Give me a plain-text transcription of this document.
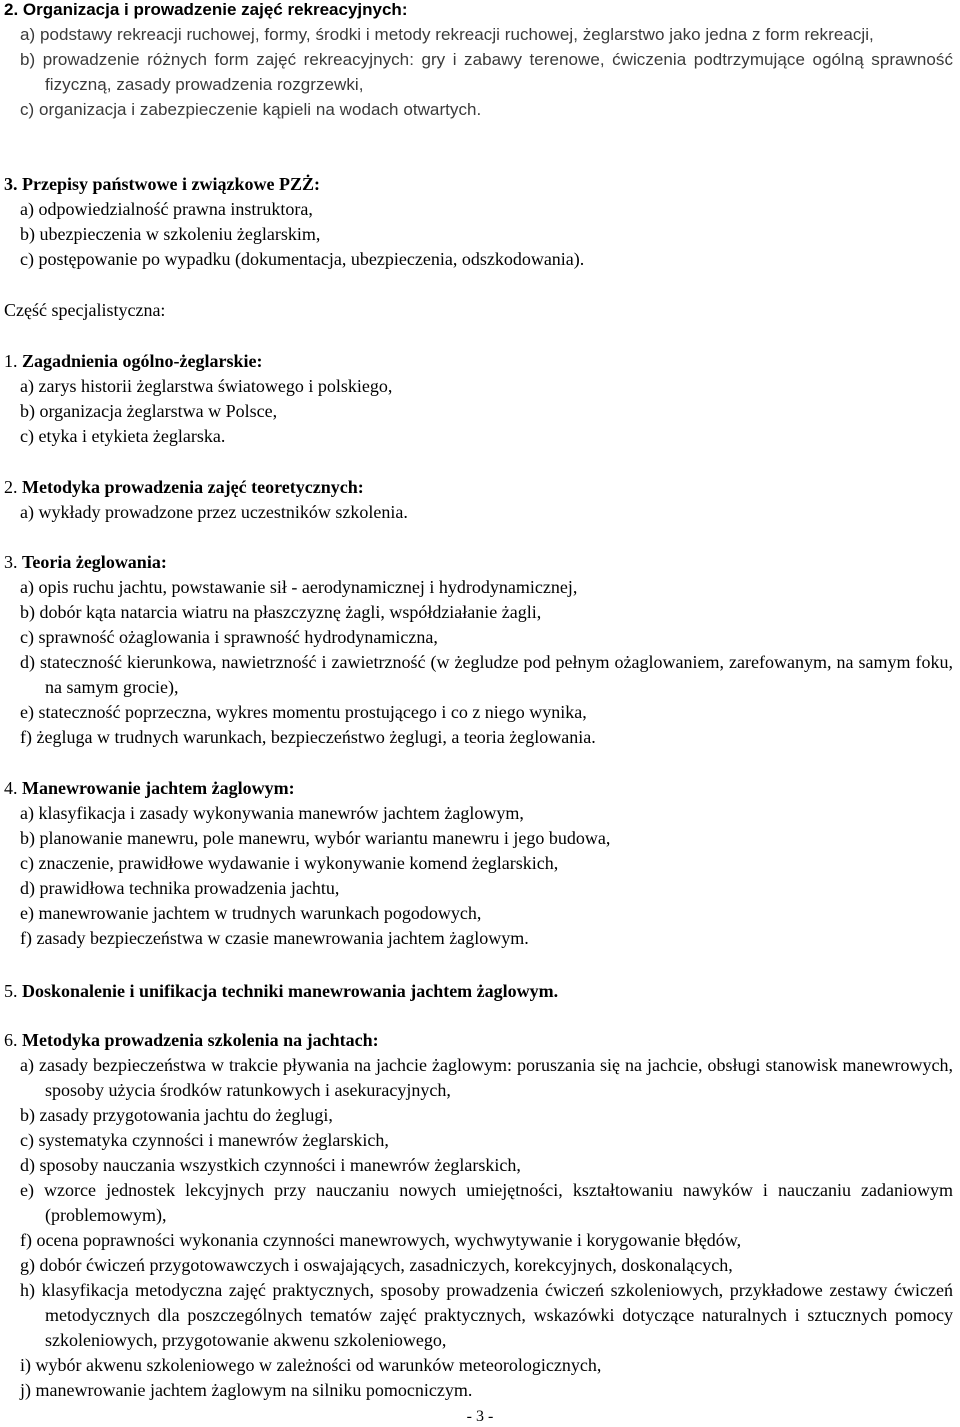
2. Organizacja i prowadzenie zajęć rekreacyjnych:

a) podstawy rekreacji ruchowej, formy, środki i metody rekreacji ruchowej, żeglarstwo jako jedna z form rekreacji,
b) prowadzenie różnych form zajęć rekreacyjnych: gry i zabawy terenowe, ćwiczenia podtrzymujące ogólną sprawność fizyczną, zasady prowadzenia rozgrzewki,
c) organizacja i zabezpieczenie kąpieli na wodach otwartych.

3. Przepisy państwowe i związkowe PZŻ:

a) odpowiedzialność prawna instruktora,
b) ubezpieczenia w szkoleniu żeglarskim,
c) postępowanie po wypadku (dokumentacja, ubezpieczenia, odszkodowania).

Część specjalistyczna:

1. Zagadnienia ogólno-żeglarskie:

a) zarys historii żeglarstwa światowego i polskiego,
b) organizacja żeglarstwa w Polsce,
c) etyka i etykieta żeglarska.

2. Metodyka prowadzenia zajęć teoretycznych:

a) wykłady prowadzone przez uczestników szkolenia.

3. Teoria żeglowania:

a) opis ruchu jachtu, powstawanie sił - aerodynamicznej i hydrodynamicznej,
b) dobór kąta natarcia wiatru na płaszczyznę żagli, współdziałanie żagli,
c) sprawność ożaglowania i sprawność hydrodynamiczna,
d) stateczność kierunkowa, nawietrzność i zawietrzność (w żegludze pod pełnym ożaglowaniem, zarefowanym, na samym foku, na samym grocie),
e) stateczność poprzeczna, wykres momentu prostującego i co z niego wynika,
f) żegluga w trudnych warunkach, bezpieczeństwo żeglugi, a teoria żeglowania.

4. Manewrowanie jachtem żaglowym:

a) klasyfikacja i zasady wykonywania manewrów jachtem żaglowym,
b) planowanie manewru, pole manewru, wybór wariantu manewru i jego budowa,
c) znaczenie, prawidłowe wydawanie i wykonywanie komend żeglarskich,
d) prawidłowa technika prowadzenia jachtu,
e) manewrowanie jachtem w trudnych warunkach pogodowych,
f) zasady bezpieczeństwa w czasie manewrowania jachtem żaglowym.

5. Doskonalenie i unifikacja techniki manewrowania jachtem żaglowym.

6. Metodyka prowadzenia szkolenia na jachtach:

a) zasady bezpieczeństwa w trakcie pływania na jachcie żaglowym: poruszania się na jachcie, obsługi stanowisk manewrowych, sposoby użycia środków ratunkowych i asekuracyjnych,
b) zasady przygotowania jachtu do żeglugi,
c) systematyka czynności i manewrów żeglarskich,
d) sposoby nauczania wszystkich czynności i manewrów żeglarskich,
e) wzorce jednostek lekcyjnych przy nauczaniu nowych umiejętności, kształtowaniu nawyków i nauczaniu zadaniowym (problemowym),
f) ocena poprawności wykonania czynności manewrowych, wychwytywanie i korygowanie błędów,
g) dobór ćwiczeń przygotowawczych i oswajających, zasadniczych, korekcyjnych, doskonalących,
h) klasyfikacja metodyczna zajęć praktycznych, sposoby prowadzenia ćwiczeń szkoleniowych, przykładowe zestawy ćwiczeń metodycznych dla poszczególnych tematów zajęć praktycznych, wskazówki dotyczące naturalnych i sztucznych pomocy szkoleniowych, przygotowanie akwenu szkoleniowego,
i) wybór akwenu szkoleniowego w zależności od warunków meteorologicznych,
j) manewrowanie jachtem żaglowym na silniku pomocniczym.
- 3 -
